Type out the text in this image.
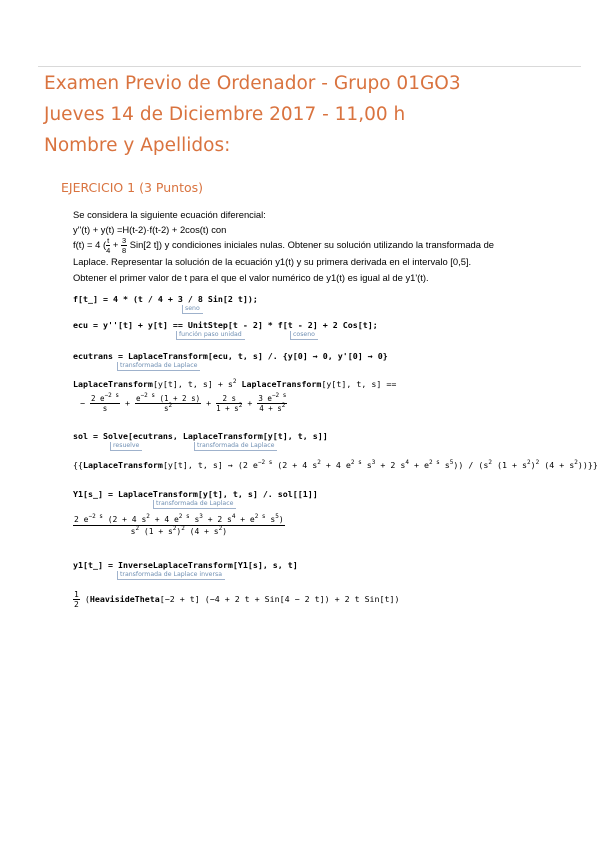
Examen Previo de Ordenador - Grupo 01GO3
Jueves 14 de Diciembre 2017 - 11,00 h
Nombre y Apellidos:
EJERCICIO 1 (3 Puntos)
Se considera la siguiente ecuación diferencial:
y''(t) + y(t) =H(t-2)·f(t-2) + 2cos(t) con
f(t) = 4 ( $\frac{t}{4} + \frac{3}{8} Sin[2$ t]) y condiciones iniciales nulas. Obtener su solución utilizando la transformada de
Laplace. Representar la solución de la ecuación y1(t) y su primera derivada en el intervalo [0,5].
Obtener el primer valor de t para el que el valor numérico de y1(t) es igual al de y1'(t).
f[t_] = 4 * (t / 4 + 3 / 8 Sin[2 t]);
seno
ecu = y''[t] + y[t] == UnitStep[t - 2] * f[t - 2] + 2 Cos[t];
función paso unidad	coseno
ecutrans = LaplaceTransform[ecu, t, s] /. {y[0] → 0, y'[0] → 0}
transformada de Laplace
LaplaceTransform[y[t], t, $s] + s^2$ LaplaceTransform[y[t], t, s] ==
− $\frac{2 e^{-2 s}}{s} + \frac{e^{-2 s} (1 + 2 s)}{s^2} + \frac{2 s}{1 + s^2} + \frac{3 e^{-2 s}}{4 + s^2}$
sol = Solve[ecutrans, LaplaceTransform[y[t], t, s]]
resuelve	transformada de Laplace
{{LaplaceTransform[y[t], t, s] → (2 $e^{-2 s}$ (2 + 4 $s^2 + 4$ $e^{2 s}$ $s^3 + 2$ $s^4 + e^{2 s}$ $s^5)) / (s^2$ $(1 + s^2)^2$ $(4 + s^2)$)}}
Y1[s_] = LaplaceTransform[y[t], t, s] /. sol[[1]]
transformada de Laplace
$\frac{2 e^{-2 s} (2 + 4 s^2 + 4 e^{2 s} s^3 + 2 s^4 + e^{2 s} s^5)}{s^2 (1 + s^2)^2 (4 + s^2)}$
y1[t_] = InverseLaplaceTransform[Y1[s], s, t]
transformada de Laplace inversa
$\frac{1}{2}$ (HeavisideTheta[−2 + t] (−4 + 2 t + Sin[4 − 2 t]) + 2 t Sin[t])
